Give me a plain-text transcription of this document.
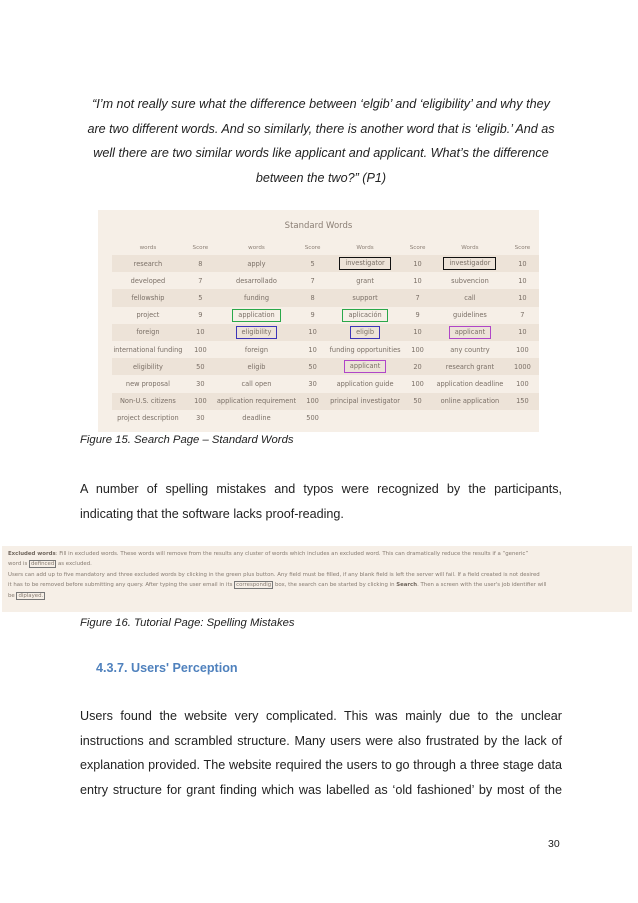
“I’m not really sure what the difference between ‘elgib’ and ‘eligibility’ and why they
are two different words. And so similarly, there is another word that is ‘eligib.’ And as
well there are two similar words like applicant and applicant. What’s the difference
between the two?” (P1)
Standard Words
words	Score	words	Score	Words	Score	Words	Score
research	8	apply	5	investigator	10	investigador	10
developed	7	desarrollado	7	grant	10	subvencion	10
fellowship	5	funding	8	support	7	call	10
project	9	application	9	aplicación	9	guidelines	7
foreign	10	eligibility	10	eligib	10	applicant	10
international funding	100	foreign	10	funding opportunities	100	any country	100
eligibility	50	eligib	50	applicant	20	research grant	1000
new proposal	30	call open	30	application guide	100	application deadline	100
Non-U.S. citizens	100	application requirement	100	principal investigator	50	online application	150
project description	30	deadline	500				
Figure 15. Search Page – Standard Words
A number of spelling mistakes and typos were recognized by the participants,
indicating that the software lacks proof-reading.
Excluded words: Fill in excluded words. These words will remove from the results any cluster of words which includes an excluded word. This can dramatically reduce the results if a “generic”
word is definced as excluded.
Users can add up to five mandatory and three excluded words by clicking in the green plus button. Any field must be filled, if any blank field is left the server will fail. If a field created is not desired
it has to be removed before submitting any query. After typing the user email in its correspondig box, the search can be started by clicking in Search. Then a screen with the user's job identifier will
be diplayed.
Figure 16. Tutorial Page: Spelling Mistakes
4.3.7. Users' Perception
Users found the website very complicated. This was mainly due to the unclear
instructions and scrambled structure. Many users were also frustrated by the lack of
explanation provided. The website required the users to go through a three stage data
entry structure for grant finding which was labelled as ‘old fashioned’ by most of the
30
